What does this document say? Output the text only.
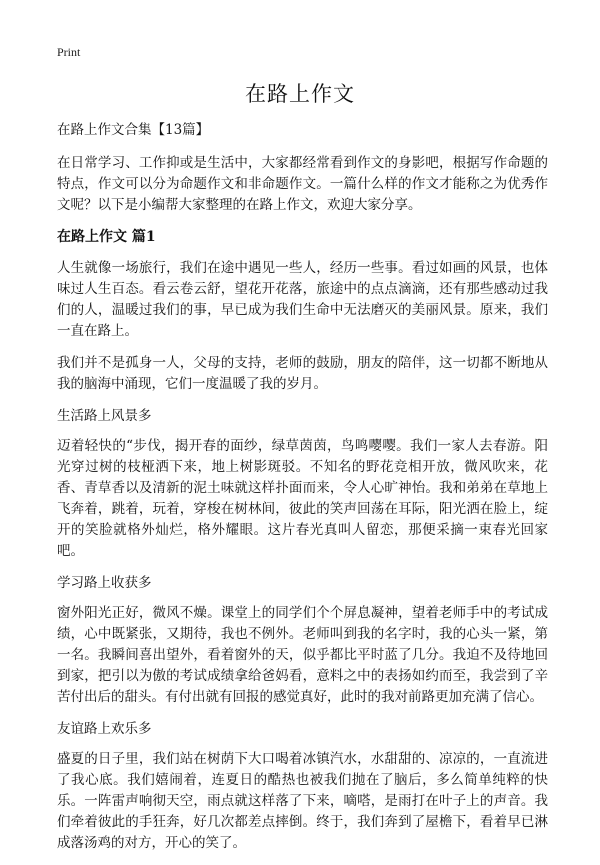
Print
在路上作文
在路上作文合集【13篇】

在日常学习、工作抑或是生活中，大家都经常看到作文的身影吧，根据写作命题的特点，作文可以分为命题作文和非命题作文。一篇什么样的作文才能称之为优秀作文呢？以下是小编帮大家整理的在路上作文，欢迎大家分享。

在路上作文 篇1

人生就像一场旅行，我们在途中遇见一些人，经历一些事。看过如画的风景，也体味过人生百态。看云卷云舒，望花开花落，旅途中的点点滴滴，还有那些感动过我们的人，温暖过我们的事，早已成为我们生命中无法磨灭的美丽风景。原来，我们一直在路上。

我们并不是孤身一人，父母的支持，老师的鼓励，朋友的陪伴，这一切都不断地从我的脑海中涌现，它们一度温暖了我的岁月。

生活路上风景多

迈着轻快的“步伐，揭开春的面纱，绿草茵茵，鸟鸣嘤嘤。我们一家人去春游。阳光穿过树的枝桠洒下来，地上树影斑驳。不知名的野花竞相开放，微风吹来，花香、青草香以及清新的泥土味就这样扑面而来，令人心旷神怡。我和弟弟在草地上飞奔着，跳着，玩着，穿梭在树林间，彼此的笑声回荡在耳际，阳光洒在脸上，绽开的笑脸就格外灿烂，格外耀眼。这片春光真叫人留恋，那便采摘一束春光回家吧。

学习路上收获多

窗外阳光正好，微风不燥。课堂上的同学们个个屏息凝神，望着老师手中的考试成绩，心中既紧张，又期待，我也不例外。老师叫到我的名字时，我的心头一紧，第一名。我瞬间喜出望外，看着窗外的天，似乎都比平时蓝了几分。我迫不及待地回到家，把引以为傲的考试成绩拿给爸妈看，意料之中的表扬如约而至，我尝到了辛苦付出后的甜头。有付出就有回报的感觉真好，此时的我对前路更加充满了信心。

友谊路上欢乐多

盛夏的日子里，我们站在树荫下大口喝着冰镇汽水，水甜甜的、凉凉的，一直流进了我心底。我们嬉闹着，连夏日的酷热也被我们抛在了脑后，多么简单纯粹的快乐。一阵雷声响彻天空，雨点就这样落了下来，嘀嗒，是雨打在叶子上的声音。我们牵着彼此的手狂奔，好几次都差点摔倒。终于，我们奔到了屋檐下，看着早已淋成落汤鸡的对方，开心的笑了。
